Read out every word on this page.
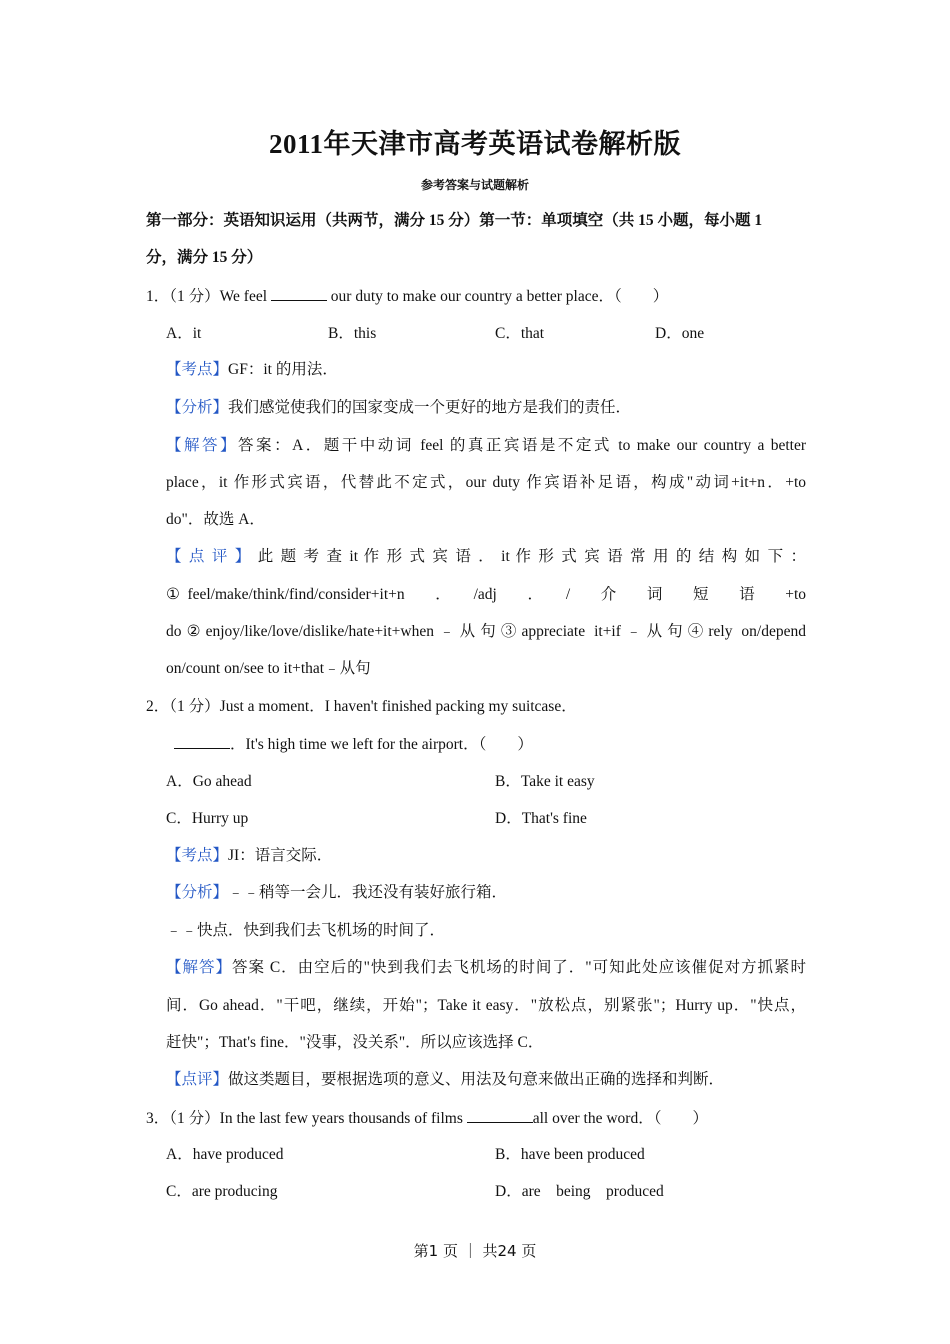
2011年天津市高考英语试卷解析版
参考答案与试题解析
第一部分：英语知识运用（共两节，满分 15 分）第一节：单项填空（共 15 小题，每小题 1
分，满分 15 分）
1．（1 分）We feel	our duty to make our country a better place．（　　）
A．it	B．this	C．that	D．one
【考点】GF：it 的用法．
【分析】我们感觉使我们的国家变成一个更好的地方是我们的责任．
【解答】答案：A．题干中动词 feel 的真正宾语是不定式 to make our country a better
place，it 作形式宾语，代替此不定式，our duty 作宾语补足语，构成"动词+it+n．+to
do"．故选 A．
【 点 评 】 此 题 考 查 it 作 形 式 宾 语 ． it 作 形 式 宾 语 常 用 的 结 构 如 下 ：
①feel/make/think/find/consider+it+n　．　/adj　．　/　介　词　短　语　+to
do②enjoy/like/love/dislike/hate+it+when﹣从句③appreciate it+if﹣从句④rely on/depend
on/count on/see to it+that﹣从句
2．（1 分）Just a moment．I haven't finished packing my suitcase．
．It's high time we left for the airport．（　　）
A．Go ahead	B．Take it easy
C．Hurry up	D．That's fine
【考点】JI：语言交际．
【分析】﹣﹣稍等一会儿．我还没有装好旅行箱．
﹣﹣快点．快到我们去飞机场的时间了．
【解答】答案 C．由空后的"快到我们去飞机场的时间了．"可知此处应该催促对方抓紧时
间．Go ahead．"干吧，继续，开始"；Take it easy．"放松点，别紧张"；Hurry up．"快点，
赶快"；That's fine．"没事，没关系"．所以应该选择 C．
【点评】做这类题目，要根据选项的意义、用法及句意来做出正确的选择和判断．
3．（1 分）In the last few years thousands of films	all over the word．（　　）
A．have produced	B．have been produced
C．are producing	D．are　being　produced
第1 页 ｜ 共24 页
